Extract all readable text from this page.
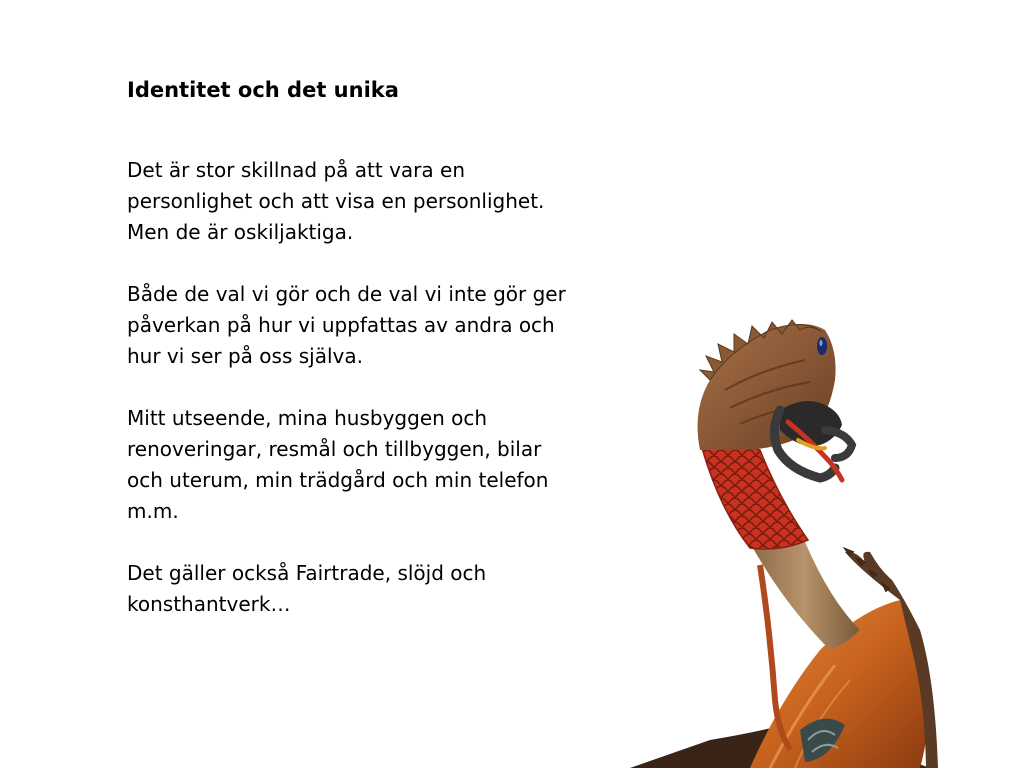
Identitet och det unika
Det är stor skillnad på att vara en
personlighet och att visa en personlighet.
Men de är oskiljaktiga.
Både de val vi gör och de val vi inte gör ger
påverkan på hur vi uppfattas av andra och
hur vi ser på oss själva.
Mitt utseende, mina husbyggen och
renoveringar, resmål och tillbyggen, bilar
och uterum, min trädgård och min telefon
m.m.
Det gäller också Fairtrade, slöjd och
konsthantverk…
